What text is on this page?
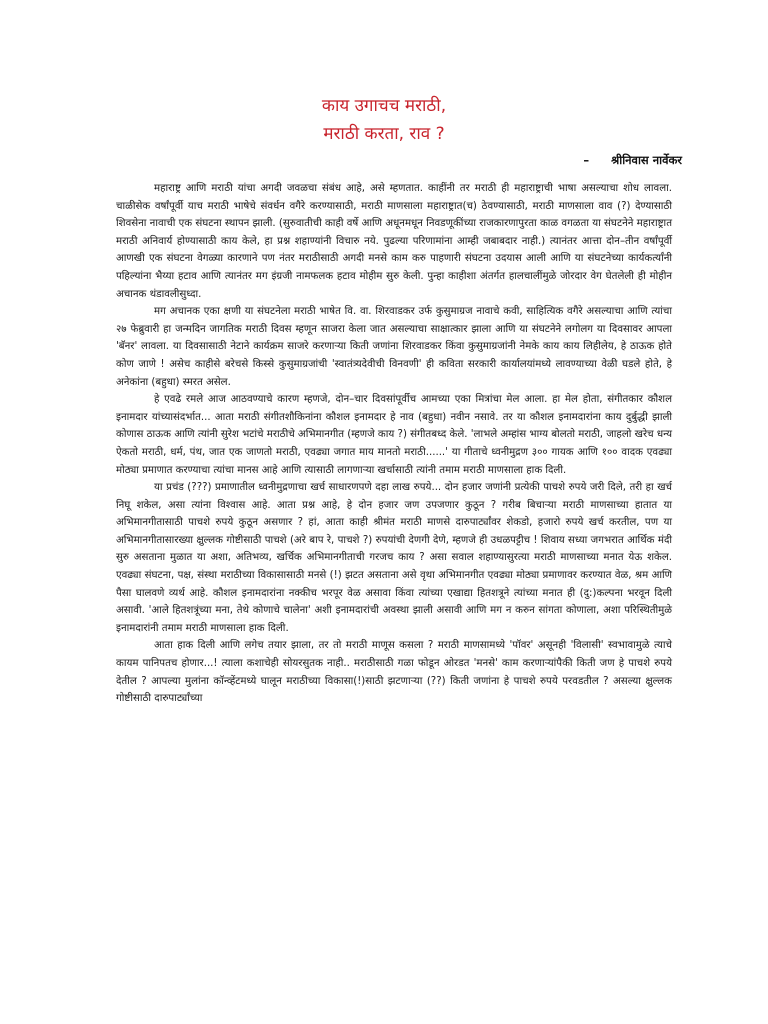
काय उगाचच मराठी,
मराठी करता, राव ?
– श्रीनिवास नार्वेकर

महाराष्ट्र आणि मराठी यांचा अगदी जवळचा संबंध आहे, असे म्हणतात. काहींनी तर मराठी ही महाराष्ट्राची भाषा असल्याचा शोध लावला. चाळीसेक वर्षांपूर्वी याच मराठी भाषेचे संवर्धन वगैरे करण्यासाठी, मराठी माणसाला महाराष्ट्रात(च) ठेवण्यासाठी, मराठी माणसाला वाव (?) देण्यासाठी शिवसेना नावाची एक संघटना स्थापन झाली. (सुरुवातीची काही वर्षे आणि अधूनमधून निवडणूकींच्या राजकारणापुरता काळ वगळता या संघटनेने महाराष्ट्रात मराठी अनिवार्य होण्यासाठी काय केले, हा प्रश्न शहाण्यांनी विचारु नये. पुढल्या परिणामांना आम्ही जबाबदार नाही.) त्यानंतर आत्ता दोन–तीन वर्षांपूर्वी आणखी एक संघटना वेगळ्या कारणाने पण नंतर मराठीसाठी अगदी मनसे काम करु पाहणारी संघटना उदयास आली आणि या संघटनेच्या कार्यकर्त्यांनी पहिल्यांना भैय्या हटाव आणि त्यानंतर मग इंग्रजी नामफलक हटाव मोहीम सुरु केली. पुन्हा काहीशा अंतर्गत हालचालींमुळे जोरदार वेग घेतलेली ही मोहीन अचानक थंडावलीसुध्दा.

मग अचानक एका क्षणी या संघटनेला मराठी भाषेत वि. वा. शिरवाडकर उर्फ कुसुमाग्रज नावाचे कवी, साहित्यिक वगैरे असल्याचा आणि त्यांचा २७ फेब्रुवारी हा जन्मदिन जागतिक मराठी दिवस म्हणून साजरा केला जात असल्याचा साक्षात्कार झाला आणि या संघटनेने लगोलग या दिवसावर आपला 'बॅनर' लावला. या दिवसासाठी नेटाने कार्यक्रम साजरे करणाऱ्या किती जणांना शिरवाडकर किंवा कुसुमाग्रजांनी नेमके काय काय लिहीलेय, हे ठाऊक होते कोण जाणे ! असेच काहीसे बरेचसे किस्से कुसुमाग्रजांची 'स्वातंत्र्यदेवीची विनवणी' ही कविता सरकारी कार्यालयांमध्ये लावण्याच्या वेळी घडले होते, हे अनेकांना (बहुधा) स्मरत असेल.

हे एवढे रमले आज आठवण्याचे कारण म्हणजे, दोन–चार दिवसांपूर्वीच आमच्या एका मित्रांचा मेल आला. हा मेल होता, संगीतकार कौशल इनामदार यांच्यासंदर्भात... आता मराठी संगीतशौकिनांना कौशल इनामदार हे नाव (बहुधा) नवीन नसावे. तर या कौशल इनामदारांना काय दुर्बुद्धी झाली कोणास ठाऊक आणि त्यांनी सुरेश भटांचे मराठीचे अभिमानगीत (म्हणजे काय ?) संगीतबध्द केले. 'लाभले अम्हांस भाग्य बोलतो मराठी, जाहलो खरेच धन्य ऐकतो मराठी, धर्म, पंथ, जात एक जाणतो मराठी, एवढ्या जगात माय मानतो मराठी......' या गीताचे ध्वनीमुद्रण ३०० गायक आणि १०० वादक एवढ्या मोठ्या प्रमाणात करण्याचा त्यांचा मानस आहे आणि त्यासाठी लागणाऱ्या खर्चासाठी त्यांनी तमाम मराठी माणसाला हाक दिली.

या प्रचंड (???) प्रमाणातील ध्वनीमुद्रणाचा खर्च साधारणपणे दहा लाख रुपये... दोन हजार जणांनी प्रत्येकी पाचशे रुपये जरी दिले, तरी हा खर्च निघू शकेल, असा त्यांना विश्वास आहे. आता प्रश्न आहे, हे दोन हजार जण उपजणार कुठून ? गरीब बिचाऱ्या मराठी माणसाच्या हातात या अभिमानगीतासाठी पाचशे रुपये कुठून असणार ? हां, आता काही श्रीमंत मराठी माणसे दारुपार्ट्यांवर शेकडो, हजारो रुपये खर्च करतील, पण या अभिमानगीतासारख्या क्षुल्लक गोष्टीसाठी पाचशे (अरे बाप रे, पाचशे ?) रुपयांची देणगी देणे, म्हणजे ही उधळपट्टीच ! शिवाय सध्या जगभरात आर्थिक मंदी सुरु असताना मुळात या अशा, अतिभव्य, खर्चिक अभिमानगीताची गरजच काय ? असा सवाल शहाण्यासुरत्या मराठी माणसाच्या मनात येऊ शकेल. एवढ्या संघटना, पक्ष, संस्था मराठीच्या विकासासाठी मनसे (!) झटत असताना असे वृथा अभिमानगीत एवढ्या मोठ्या प्रमाणावर करण्यात वेळ, श्रम आणि पैसा घालवणे व्यर्थ आहे. कौशल इनामदारांना नक्कीच भरपूर वेळ असावा किंवा त्यांच्या एखाद्या हितशत्रूने त्यांच्या मनात ही (दु:)कल्पना भरवून दिली असावी. 'आले हितशत्रूंच्या मना, तेथे कोणाचे चालेना' अशी इनामदारांची अवस्था झाली असावी आणि मग न करुन सांगता कोणाला, अशा परिस्थितीमुळे इनामदारांनी तमाम मराठी माणसाला हाक दिली.

आता हाक दिली आणि लगेच तयार झाला, तर तो मराठी माणूस कसला ? मराठी माणसामध्ये 'पॉवर' असूनही 'विलासी' स्वभावामुळे त्याचे कायम पानिपतच होणार...! त्याला कशाचेही सोयरसुतक नाही.. मराठीसाठी गळा फोडून ओरडत 'मनसे' काम करणाऱ्यांपैकी किती जण हे पाचशे रुपये देतील ? आपल्या मुलांना कॉन्व्हेंटमध्ये घालून मराठीच्या विकासा(!)साठी झटणाऱ्या (??) किती जणांना हे पाचशे रुपये परवडतील ? असल्या क्षुल्लक गोष्टीसाठी दारुपार्ट्यांच्या
